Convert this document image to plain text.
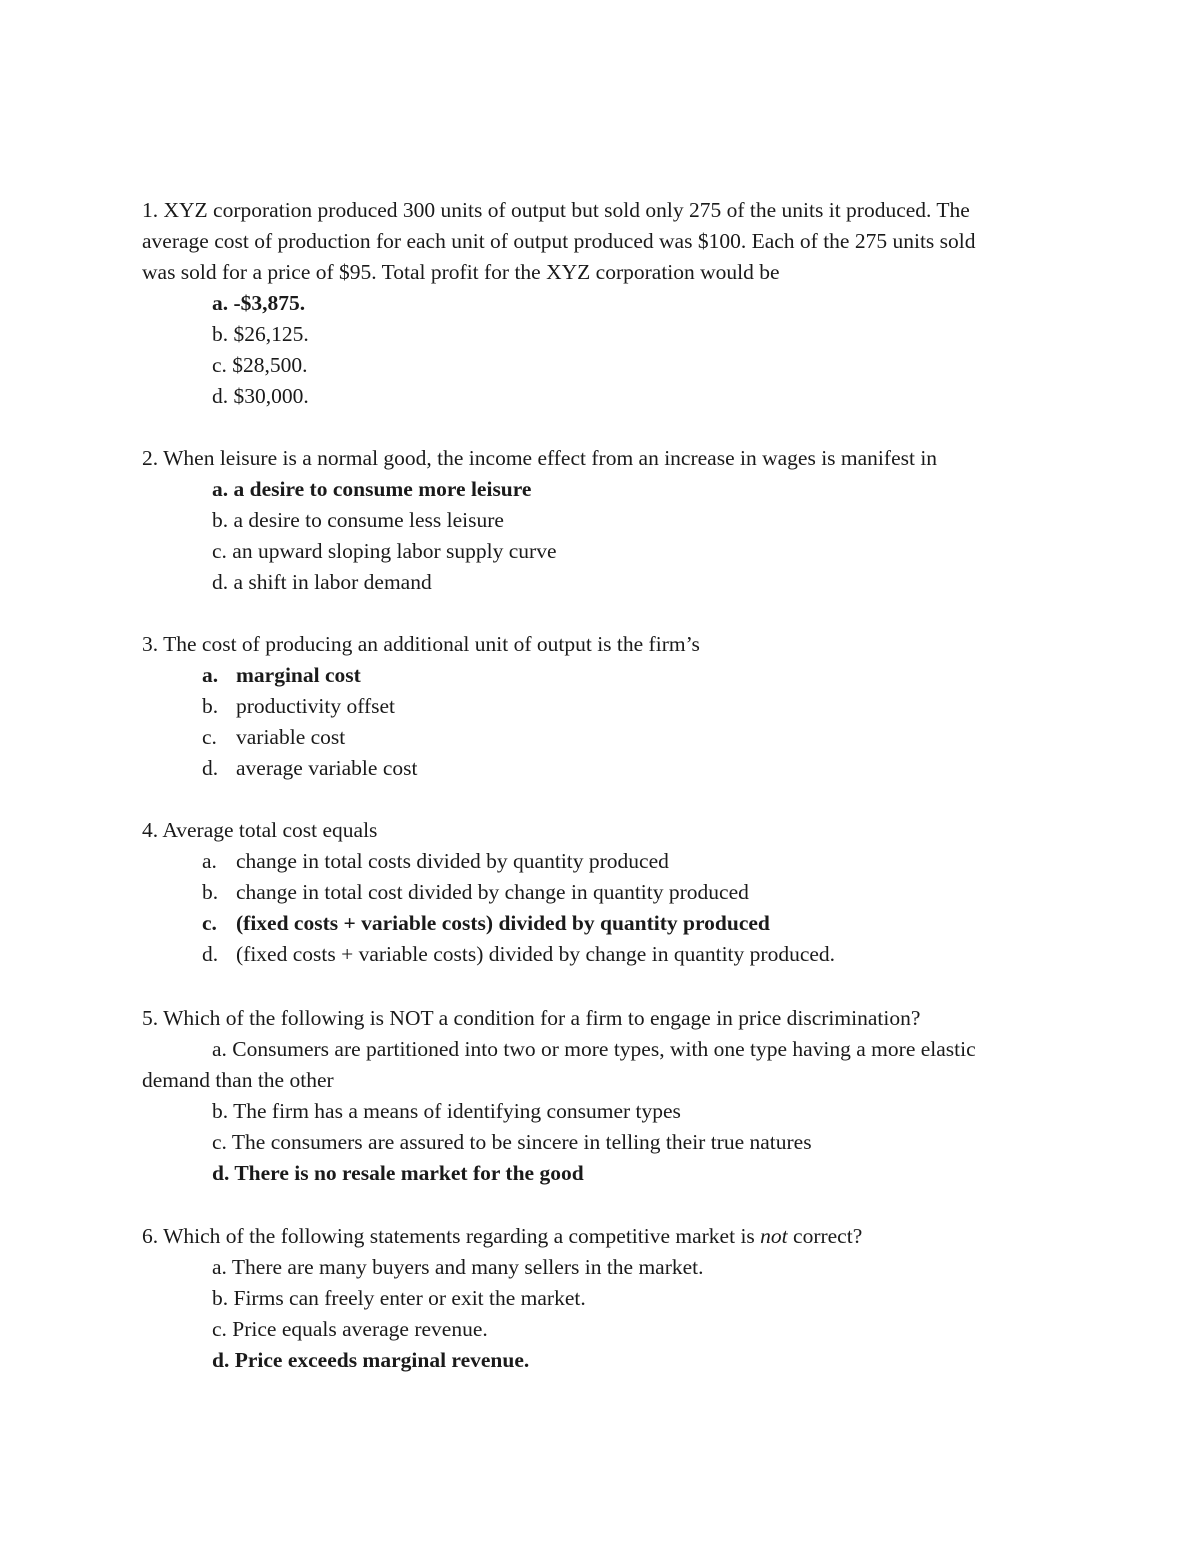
1. XYZ corporation produced 300 units of output but sold only 275 of the units it produced. The
average cost of production for each unit of output produced was $100. Each of the 275 units sold
was sold for a price of $95. Total profit for the XYZ corporation would be
a. -$3,875.
b. $26,125.
c. $28,500.
d. $30,000.
2. When leisure is a normal good, the income effect from an increase in wages is manifest in
a. a desire to consume more leisure
b. a desire to consume less leisure
c. an upward sloping labor supply curve
d. a shift in labor demand
3. The cost of producing an additional unit of output is the firm’s
a. marginal cost
b. productivity offset
c. variable cost
d. average variable cost
4. Average total cost equals
a. change in total costs divided by quantity produced
b. change in total cost divided by change in quantity produced
c. (fixed costs + variable costs) divided by quantity produced
d. (fixed costs + variable costs) divided by change in quantity produced.
5. Which of the following is NOT a condition for a firm to engage in price discrimination?
a. Consumers are partitioned into two or more types, with one type having a more elastic
demand than the other
b. The firm has a means of identifying consumer types
c. The consumers are assured to be sincere in telling their true natures
d. There is no resale market for the good
6. Which of the following statements regarding a competitive market is not correct?
a. There are many buyers and many sellers in the market.
b. Firms can freely enter or exit the market.
c. Price equals average revenue.
d. Price exceeds marginal revenue.
